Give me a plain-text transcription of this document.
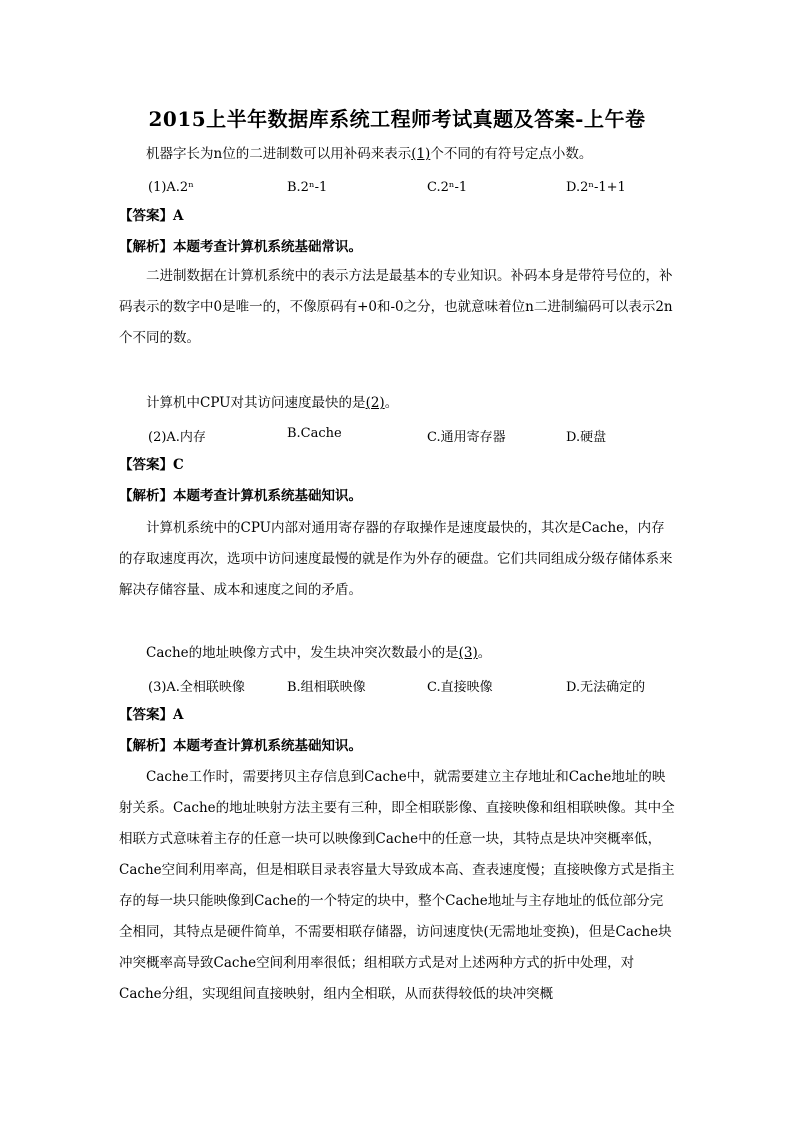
2015上半年数据库系统工程师考试真题及答案-上午卷
机器字长为n位的二进制数可以用补码来表示(1)个不同的有符号定点小数。
(1)A.2ⁿ	B.2ⁿ-1	C.2ⁿ-1	D.2ⁿ-1+1
【答案】A
【解析】本题考查计算机系统基础常识。
二进制数据在计算机系统中的表示方法是最基本的专业知识。补码本身是带符号位的，补码表示的数字中0是唯一的，不像原码有+0和-0之分，也就意味着位n二进制编码可以表示2n个不同的数。
计算机中CPU对其访问速度最快的是(2)。
(2)A.内存	B.Cache	C.通用寄存器	D.硬盘
【答案】C
【解析】本题考查计算机系统基础知识。
计算机系统中的CPU内部对通用寄存器的存取操作是速度最快的，其次是Cache，内存的存取速度再次，选项中访问速度最慢的就是作为外存的硬盘。它们共同组成分级存储体系来解决存储容量、成本和速度之间的矛盾。
Cache的地址映像方式中，发生块冲突次数最小的是(3)。
(3)A.全相联映像	B.组相联映像	C.直接映像	D.无法确定的
【答案】A
【解析】本题考查计算机系统基础知识。
Cache工作时，需要拷贝主存信息到Cache中，就需要建立主存地址和Cache地址的映射关系。Cache的地址映射方法主要有三种，即全相联影像、直接映像和组相联映像。其中全相联方式意味着主存的任意一块可以映像到Cache中的任意一块，其特点是块冲突概率低，Cache空间利用率高，但是相联目录表容量大导致成本高、查表速度慢；直接映像方式是指主存的每一块只能映像到Cache的一个特定的块中，整个Cache地址与主存地址的低位部分完全相同，其特点是硬件简单，不需要相联存储器，访问速度快(无需地址变换)，但是Cache块冲突概率高导致Cache空间利用率很低；组相联方式是对上述两种方式的折中处理，对Cache分组，实现组间直接映射，组内全相联，从而获得较低的块冲突概
